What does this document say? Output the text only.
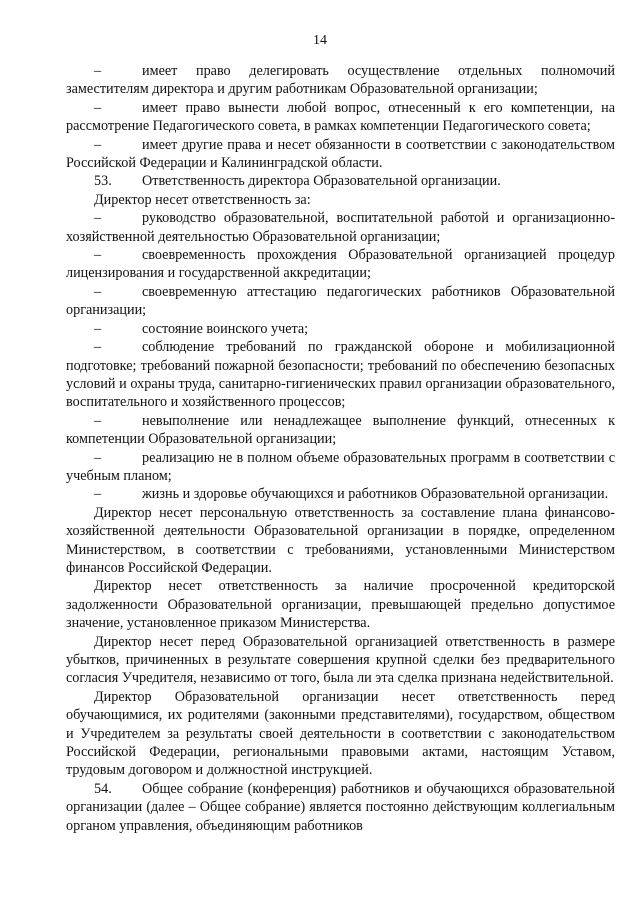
14

–	имеет право делегировать осуществление отдельных полномочий заместителям директора и другим работникам Образовательной организации;

–	имеет право вынести любой вопрос, отнесенный к его компетенции, на рассмотрение Педагогического совета, в рамках компетенции Педагогического совета;

–	имеет другие права и несет обязанности в соответствии с законодательством Российской Федерации и Калининградской области.

53. Ответственность директора Образовательной организации.

Директор несет ответственность за:

–	руководство образовательной, воспитательной работой и организационно-хозяйственной деятельностью Образовательной организации;

–	своевременность прохождения Образовательной организацией процедур лицензирования и государственной аккредитации;

–	своевременную аттестацию педагогических работников Образовательной организации;

–	состояние воинского учета;

–	соблюдение требований по гражданской обороне и мобилизационной подготовке; требований пожарной безопасности; требований по обеспечению безопасных условий и охраны труда, санитарно-гигиенических правил организации образовательного, воспитательного и хозяйственного процессов;

–	невыполнение или ненадлежащее выполнение функций, отнесенных к компетенции Образовательной организации;

–	реализацию не в полном объеме образовательных программ в соответствии с учебным планом;

–	жизнь и здоровье обучающихся и работников Образовательной организации.

Директор несет персональную ответственность за составление плана финансово-хозяйственной деятельности Образовательной организации в порядке, определенном Министерством, в соответствии с требованиями, установленными Министерством финансов Российской Федерации.

Директор несет ответственность за наличие просроченной кредиторской задолженности Образовательной организации, превышающей предельно допустимое значение, установленное приказом Министерства.

Директор несет перед Образовательной организацией ответственность в размере убытков, причиненных в результате совершения крупной сделки без предварительного согласия Учредителя, независимо от того, была ли эта сделка признана недействительной.

Директор Образовательной организации несет ответственность перед обучающимися, их родителями (законными представителями), государством, обществом и Учредителем за результаты своей деятельности в соответствии с законодательством Российской Федерации, региональными правовыми актами, настоящим Уставом, трудовым договором и должностной инструкцией.

54. Общее собрание (конференция) работников и обучающихся образовательной организации (далее – Общее собрание) является постоянно действующим коллегиальным органом управления, объединяющим работников
